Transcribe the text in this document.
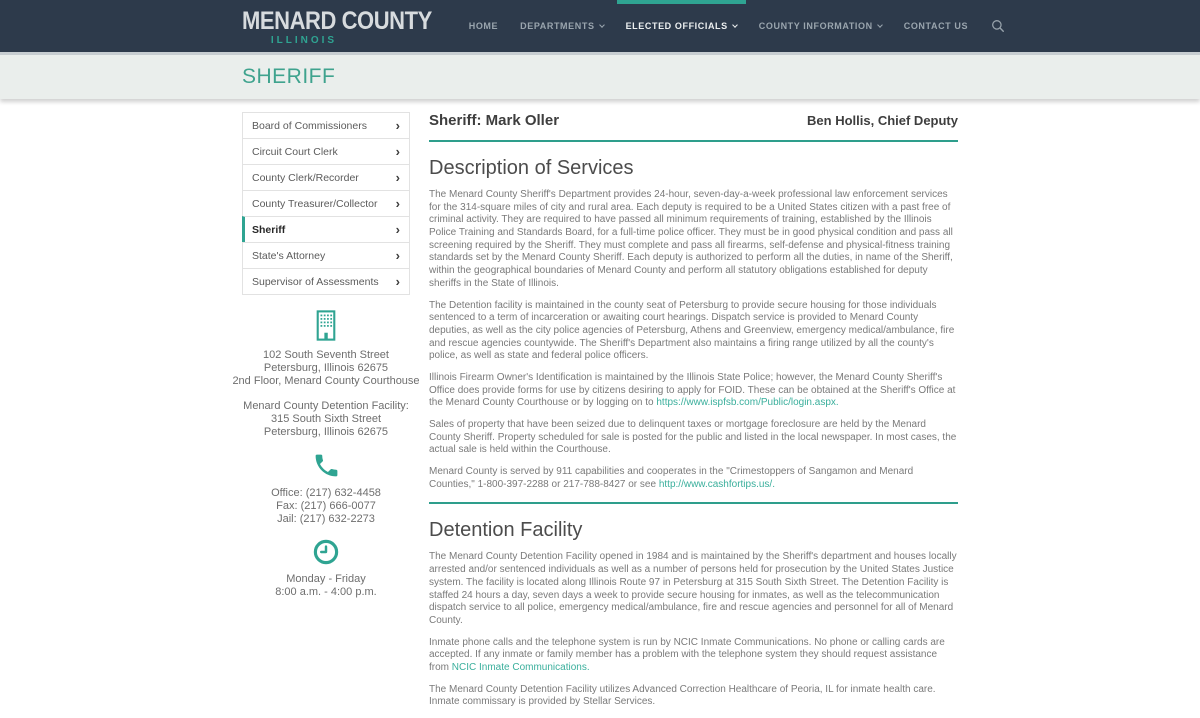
MENARD COUNTY
ILLINOIS
HOME DEPARTMENTS	ELECTED OFFICIALS	COUNTY INFORMATION	CONTACT US
SHERIFF
Board of Commissioners ›
Circuit Court Clerk	›
County Clerk/Recorder	›
County Treasurer/Collector ›
Sheriff	›
State's Attorney	›
Supervisor of Assessments ›
102 South Seventh Street
Petersburg, Illinois 62675
2nd Floor, Menard County Courthouse
Menard County Detention Facility:
315 South Sixth Street
Petersburg, Illinois 62675
Office: (217) 632-4458
Fax: (217) 666-0077
Jail: (217) 632-2273
Monday - Friday
8:00 a.m. - 4:00 p.m.
Sheriff: Mark Oller	Ben Hollis, Chief Deputy
Description of Services

The Menard County Sheriff's Department provides 24-hour, seven-day-a-week professional law enforcement services for the 314-square miles of city and rural area. Each deputy is required to be a United States citizen with a past free of criminal activity. They are required to have passed all minimum requirements of training, established by the Illinois Police Training and Standards Board, for a full-time police officer. They must be in good physical condition and pass all screening required by the Sheriff. They must complete and pass all firearms, self-defense and physical-fitness training standards set by the Menard County Sheriff. Each deputy is authorized to perform all the duties, in name of the Sheriff, within the geographical boundaries of Menard County and perform all statutory obligations established for deputy sheriffs in the State of Illinois.

The Detention facility is maintained in the county seat of Petersburg to provide secure housing for those individuals sentenced to a term of incarceration or awaiting court hearings. Dispatch service is provided to Menard County deputies, as well as the city police agencies of Petersburg, Athens and Greenview, emergency medical/ambulance, fire and rescue agencies countywide. The Sheriff's Department also maintains a firing range utilized by all the county's police, as well as state and federal police officers.

Illinois Firearm Owner's Identification is maintained by the Illinois State Police; however, the Menard County Sheriff's Office does provide forms for use by citizens desiring to apply for FOID. These can be obtained at the Sheriff's Office at the Menard County Courthouse or by logging on to https://www.ispfsb.com/Public/login.aspx.

Sales of property that have been seized due to delinquent taxes or mortgage foreclosure are held by the Menard County Sheriff. Property scheduled for sale is posted for the public and listed in the local newspaper. In most cases, the actual sale is held within the Courthouse.

Menard County is served by 911 capabilities and cooperates in the "Crimestoppers of Sangamon and Menard Counties," 1-800-397-2288 or 217-788-8427 or see http://www.cashfortips.us/.

Detention Facility

The Menard County Detention Facility opened in 1984 and is maintained by the Sheriff's department and houses locally arrested and/or sentenced individuals as well as a number of persons held for prosecution by the United States Justice system. The facility is located along Illinois Route 97 in Petersburg at 315 South Sixth Street. The Detention Facility is staffed 24 hours a day, seven days a week to provide secure housing for inmates, as well as the telecommunication dispatch service to all police, emergency medical/ambulance, fire and rescue agencies and personnel for all of Menard County.

Inmate phone calls and the telephone system is run by NCIC Inmate Communications. No phone or calling cards are accepted. If any inmate or family member has a problem with the telephone system they should request assistance from NCIC Inmate Communications.

The Menard County Detention Facility utilizes Advanced Correction Healthcare of Peoria, IL for inmate health care. Inmate commissary is provided by Stellar Services.
